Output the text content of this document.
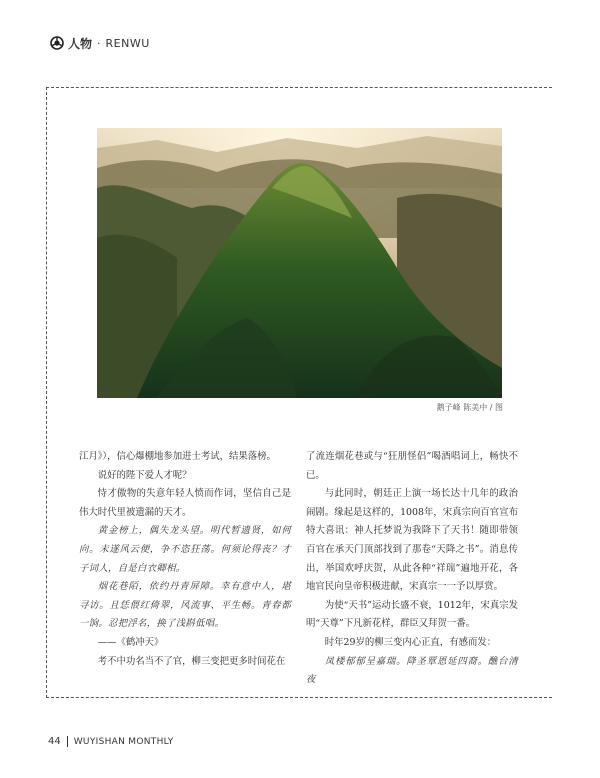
人物 · RENWU
鹅子峰 陈美中 / 图

江月》），信心爆棚地参加进士考试，结果落榜。

说好的陛下爱人才呢？

恃才傲物的失意年轻人愤而作词，坚信自己是伟大时代里被遗漏的天才。

黄金榜上，偶失龙头望。明代暂遗贤，如何向。未遂风云便，争不恣狂荡。何须论得丧？才子词人，自是白衣卿相。

烟花巷陌，依约丹青屏障。幸有意中人，堪寻访。且恁偎红倚翠，风流事、平生畅。青春都一饷。忍把浮名，换了浅斟低唱。

——《鹤冲天》

考不中功名当不了官，柳三变把更多时间花在

了流连烟花巷或与“狂朋怪侣”喝酒唱词上，畅快不已。

与此同时，朝廷正上演一场长达十几年的政治闹剧。缘起是这样的，1008年，宋真宗向百官宣布特大喜讯：神人托梦说为我降下了天书！随即带领百官在承天门顶部找到了那卷“天降之书”。消息传出，举国欢呼庆贺，从此各种“祥瑞”遍地开花，各地官民向皇帝积极进献，宋真宗一一予以厚赏。

为使“天书”运动长盛不衰，1012年，宋真宗发明“天尊”下凡新花样，群臣又拜贺一番。

时年29岁的柳三变内心正直，有感而发：

凤楼郁郁呈嘉瑞。降圣覃恩延四裔。醮台清夜

44 WUYISHAN MONTHLY
